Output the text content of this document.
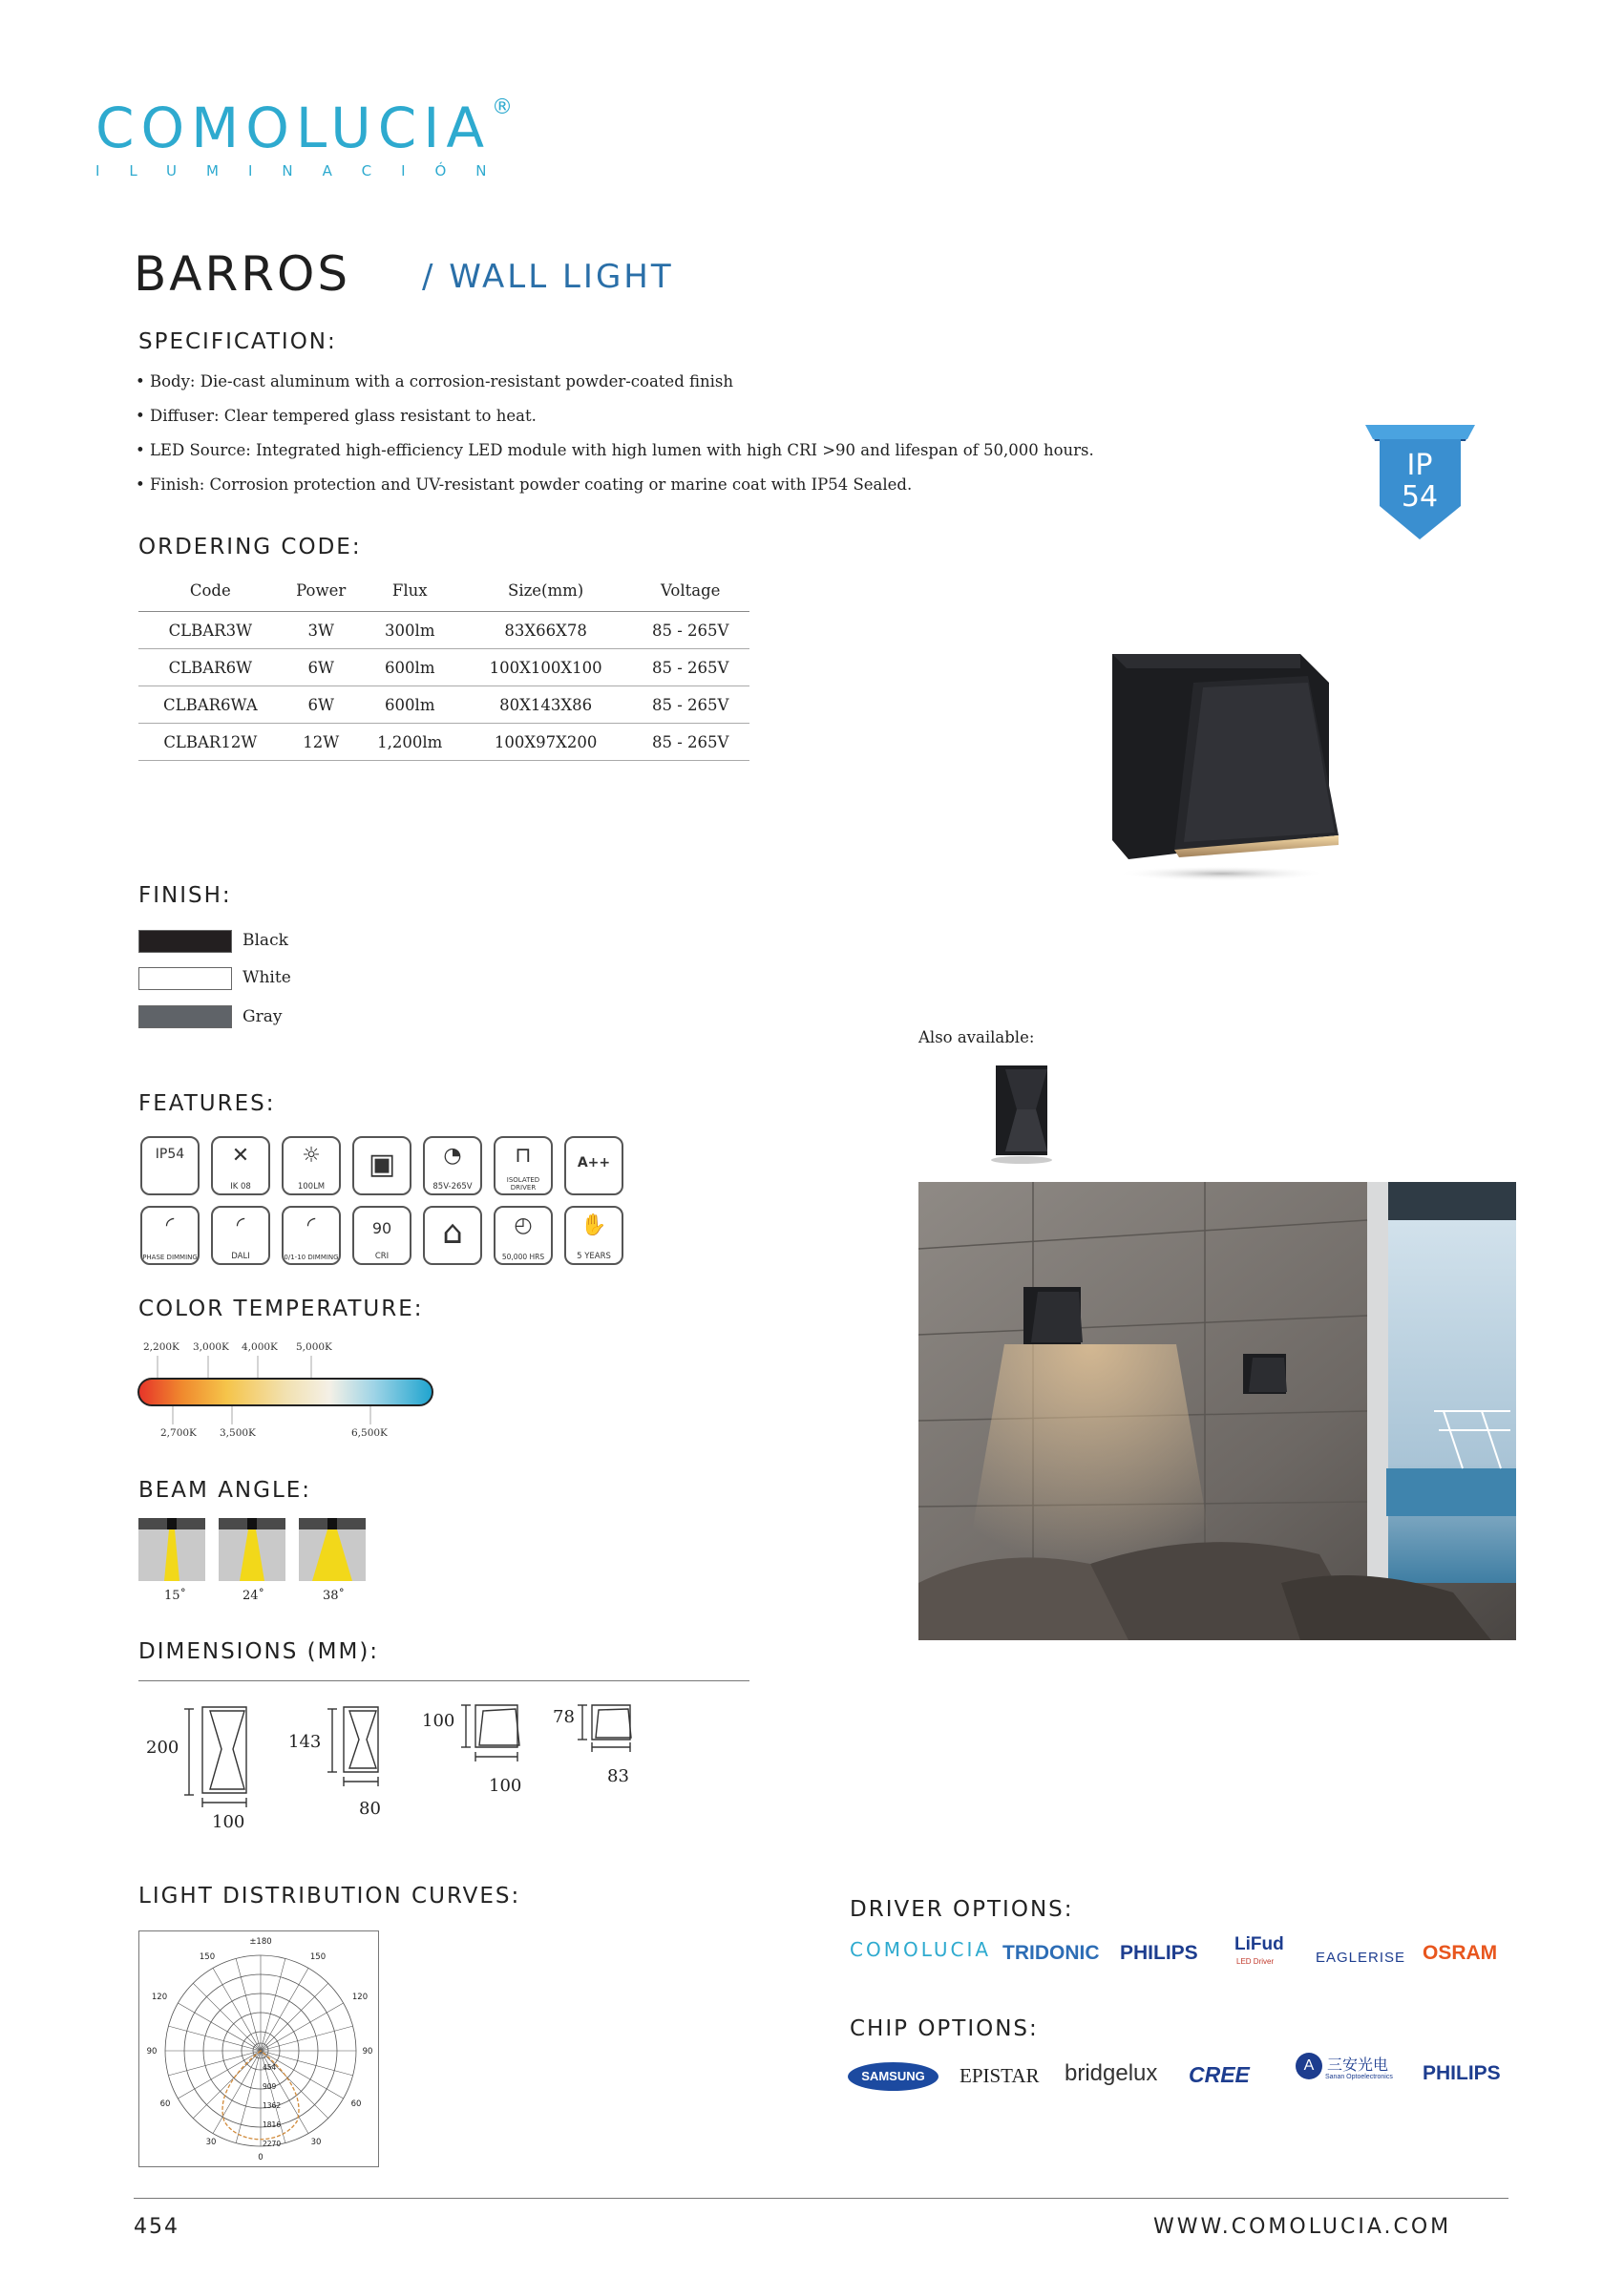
COMOLUCIA ®
ILUMINACIÓN
BARROS / WALL LIGHT
SPECIFICATION:
• Body: Die-cast aluminum with a corrosion-resistant powder-coated finish
• Diffuser: Clear tempered glass resistant to heat.
• LED Source: Integrated high-efficiency LED module with high lumen with high CRI >90 and lifespan of 50,000 hours.
• Finish: Corrosion protection and UV-resistant powder coating or marine coat with IP54 Sealed.
IP
54
ORDERING CODE:
Code	Power	Flux	Size(mm)	Voltage
CLBAR3W	3W	300lm	83X66X78	85 - 265V
CLBAR6W	6W	600lm	100X100X100	85 - 265V
CLBAR6WA	6W	600lm	80X143X86	85 - 265V
CLBAR12W	12W	1,200lm	100X97X200	85 - 265V
FINISH:
Black
White
Gray
Also available:
FEATURES:
IP54	✕
IK 08
☼
100LM
▣	◔
85V-265V
⊓
ISOLATED DRIVER
A++
◜
PHASE DIMMING
◜
DALI
◜
0/1-10 DIMMING
90
CRI
⌂	◴
50,000 HRS
✋
5 YEARS
COLOR TEMPERATURE:
2,200K 3,000K 4,000K 5,000K
2,700K 3,500K	6,500K
BEAM ANGLE:
15˚	24˚	38˚
DIMENSIONS (MM):
200
100
143
80
100
100
78
83
LIGHT DISTRIBUTION CURVES:
±180
150	150
120	120
90	90
60	60
30	30
0
454
909
1362
1816
2270
DRIVER OPTIONS:
COMOLUCIA TRIDONIC PHILIPS LiFud
LED Driver	EAGLERISE OSRAM
CHIP OPTIONS:
SAMSUNG	EPISTAR bridgelux CREE	A 三安光电
Sanan Optoelectronics PHILIPS
454	WWW.COMOLUCIA.COM
